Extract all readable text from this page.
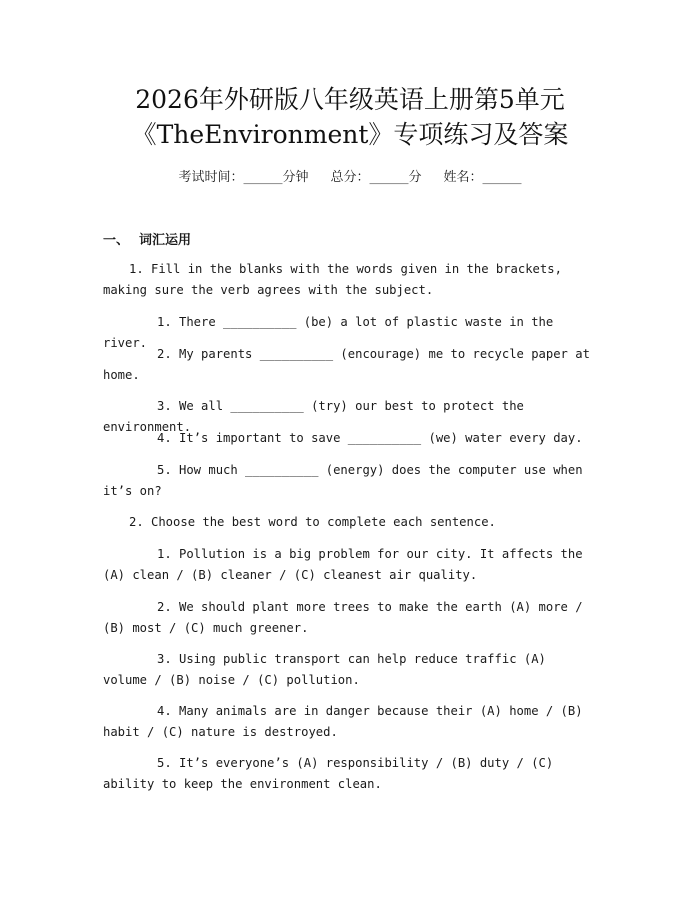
2026年外研版八年级英语上册第5单元
《TheEnvironment》专项练习及答案
考试时间：______分钟 总分：______分 姓名：______
一、 词汇运用
1. Fill in the blanks with the words given in the brackets, making sure the verb agrees with the subject.
1. There __________ (be) a lot of plastic waste in the river.
2. My parents __________ (encourage) me to recycle paper at home.
3. We all __________ (try) our best to protect the environment.
4. It’s important to save __________ (we) water every day.
5. How much __________ (energy) does the computer use when it’s on?
2. Choose the best word to complete each sentence.
1. Pollution is a big problem for our city. It affects the (A) clean / (B) cleaner / (C) cleanest air quality.
2. We should plant more trees to make the earth (A) more / (B) most / (C) much greener.
3. Using public transport can help reduce traffic (A) volume / (B) noise / (C) pollution.
4. Many animals are in danger because their (A) home / (B) habit / (C) nature is destroyed.
5. It’s everyone’s (A) responsibility / (B) duty / (C) ability to keep the environment clean.
